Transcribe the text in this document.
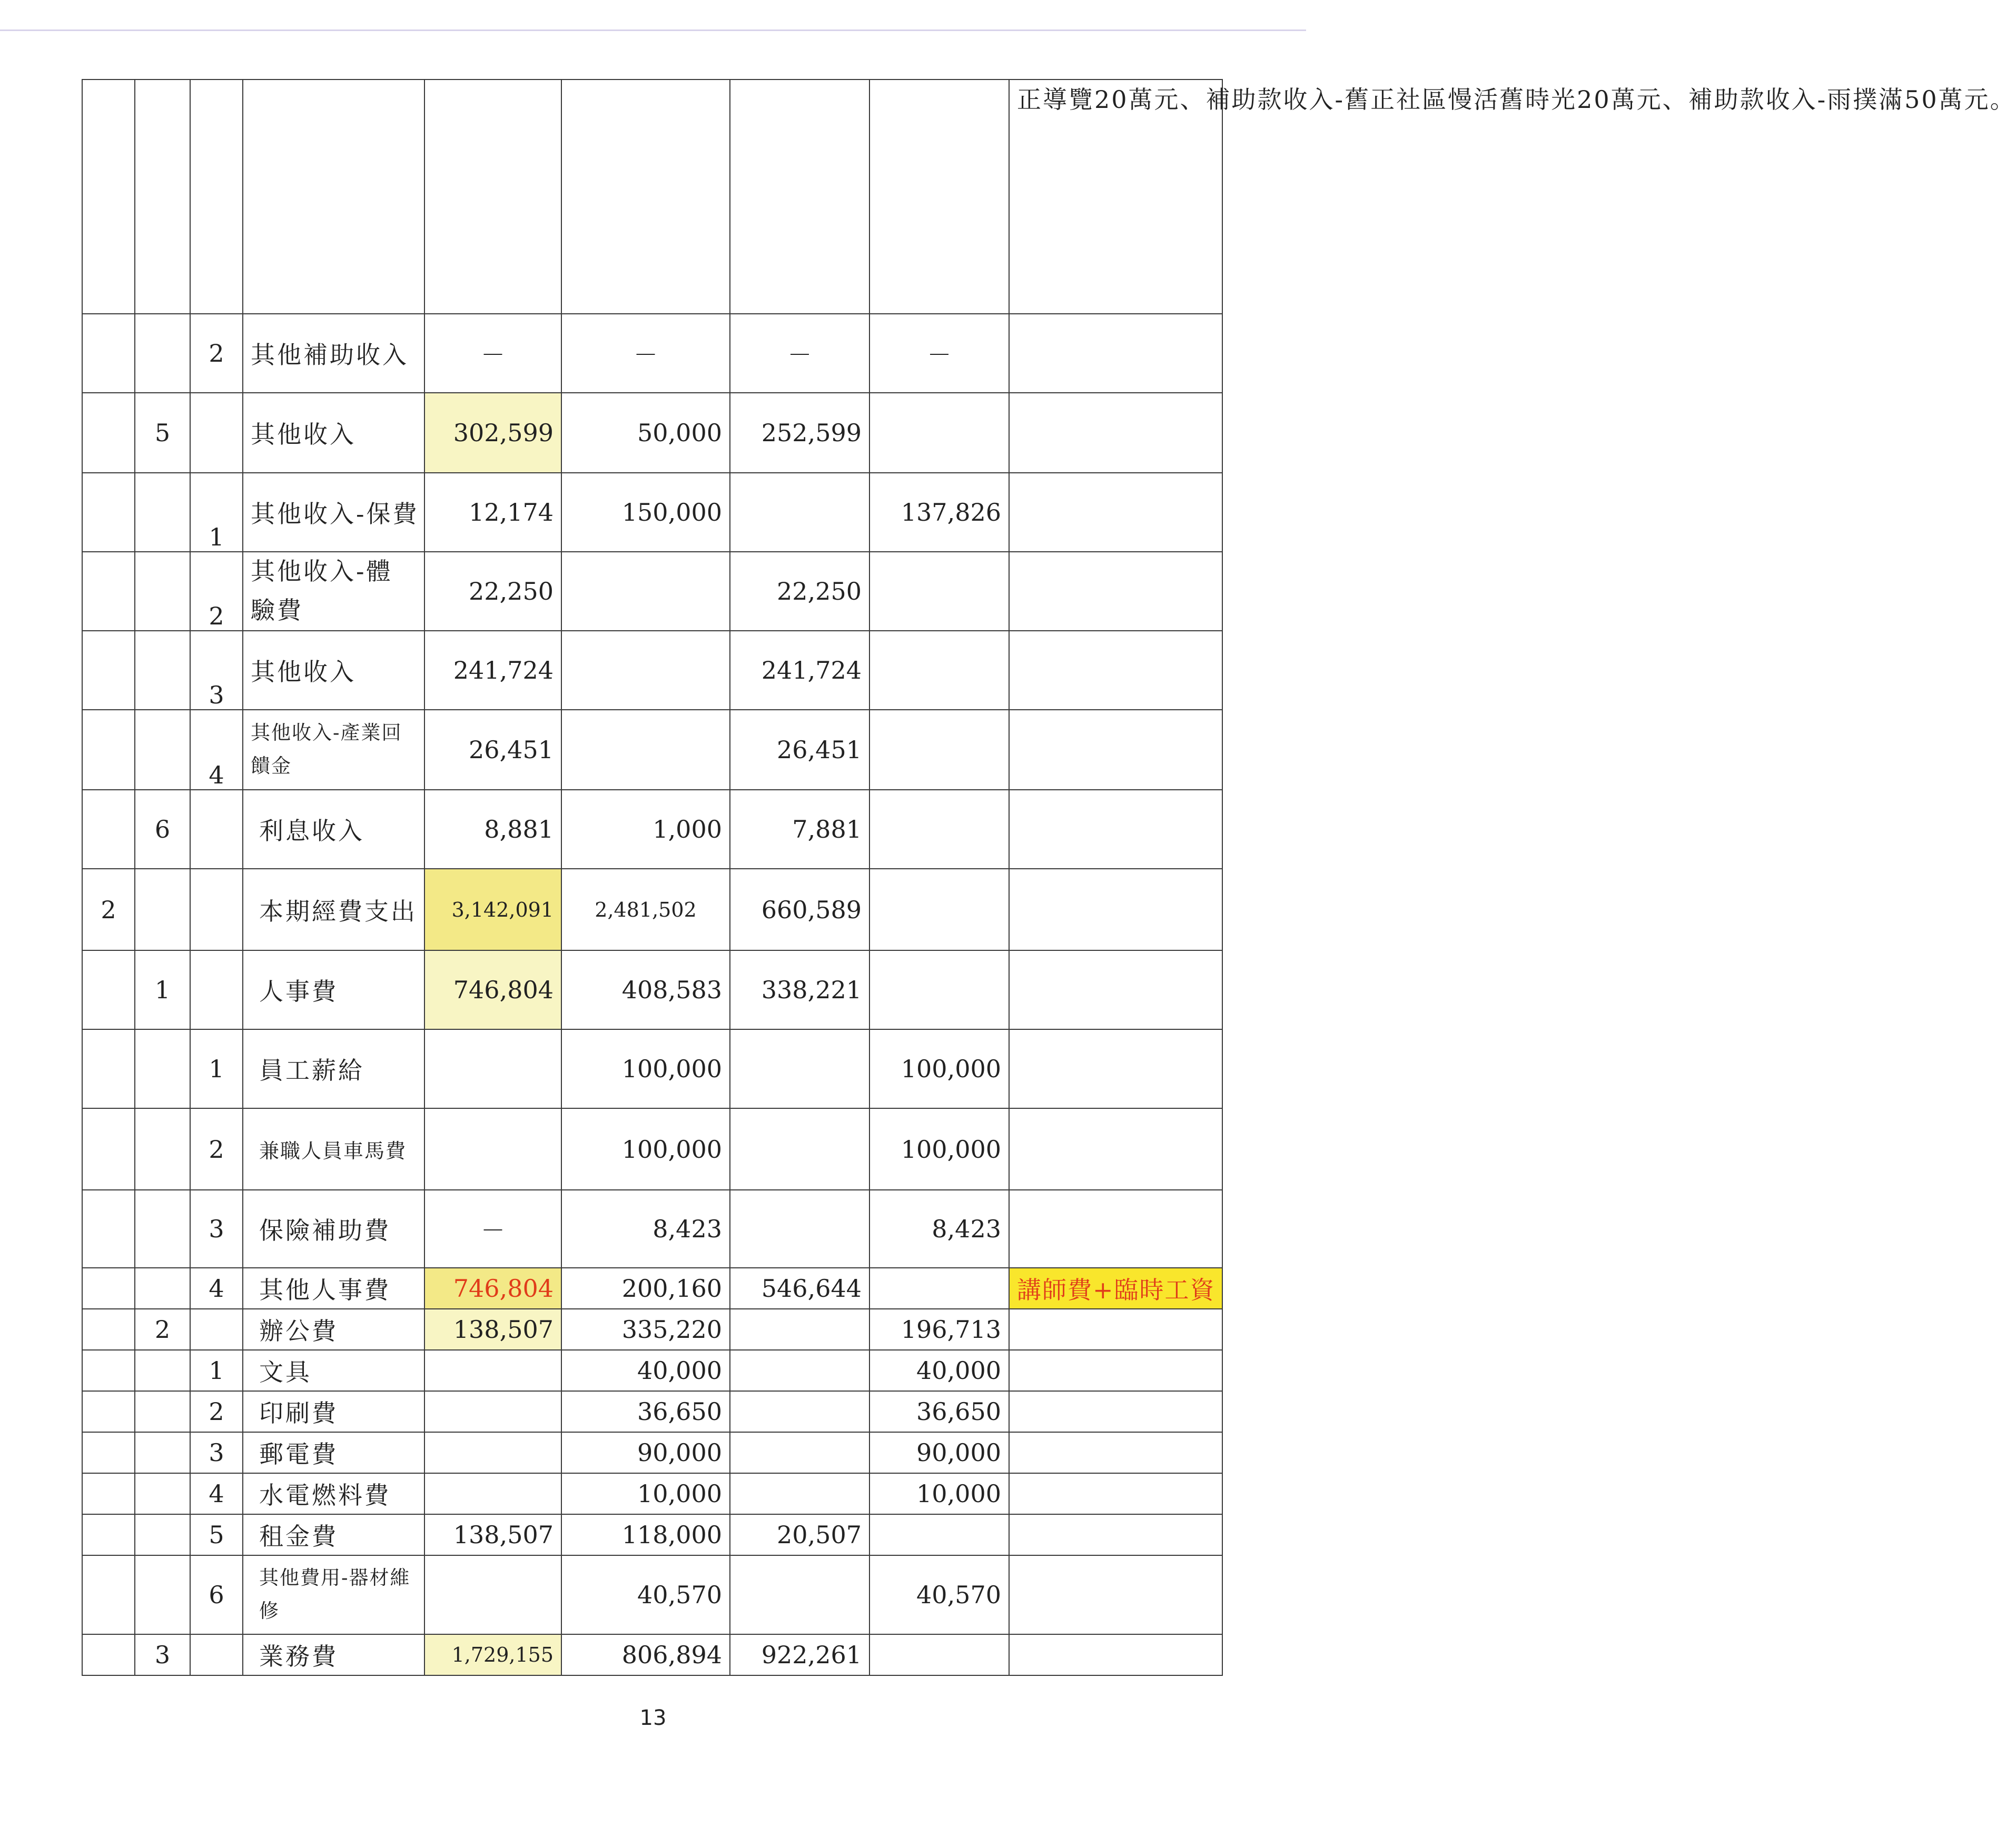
								正導覽20萬元、補助款收入-舊正社區慢活舊時光20萬元、補助款收入-雨撲滿50萬元。
		2	其他補助收入	－	－	－	－	
	5		其他收入	302,599	50,000	252,599		
		1	其他收入-保費	12,174	150,000		137,826	
		2	其他收入-體驗費	22,250		22,250		
		3	其他收入	241,724		241,724		
		4	其他收入-產業回饋金	26,451		26,451		
	6		利息收入	8,881	1,000	7,881		
2			本期經費支出	3,142,091	2,481,502	660,589		
	1		人事費	746,804	408,583	338,221		
		1	員工薪給		100,000		100,000	
		2	兼職人員車馬費		100,000		100,000	
		3	保險補助費	－	8,423		8,423	
		4	其他人事費	746,804	200,160	546,644		講師費+臨時工資
	2		辦公費	138,507	335,220		196,713	
		1	文具		40,000		40,000	
		2	印刷費		36,650		36,650	
		3	郵電費		90,000		90,000	
		4	水電燃料費		10,000		10,000	
		5	租金費	138,507	118,000	20,507		
		6	其他費用-器材維修		40,570		40,570	
	3		業務費	1,729,155	806,894	922,261		
13
